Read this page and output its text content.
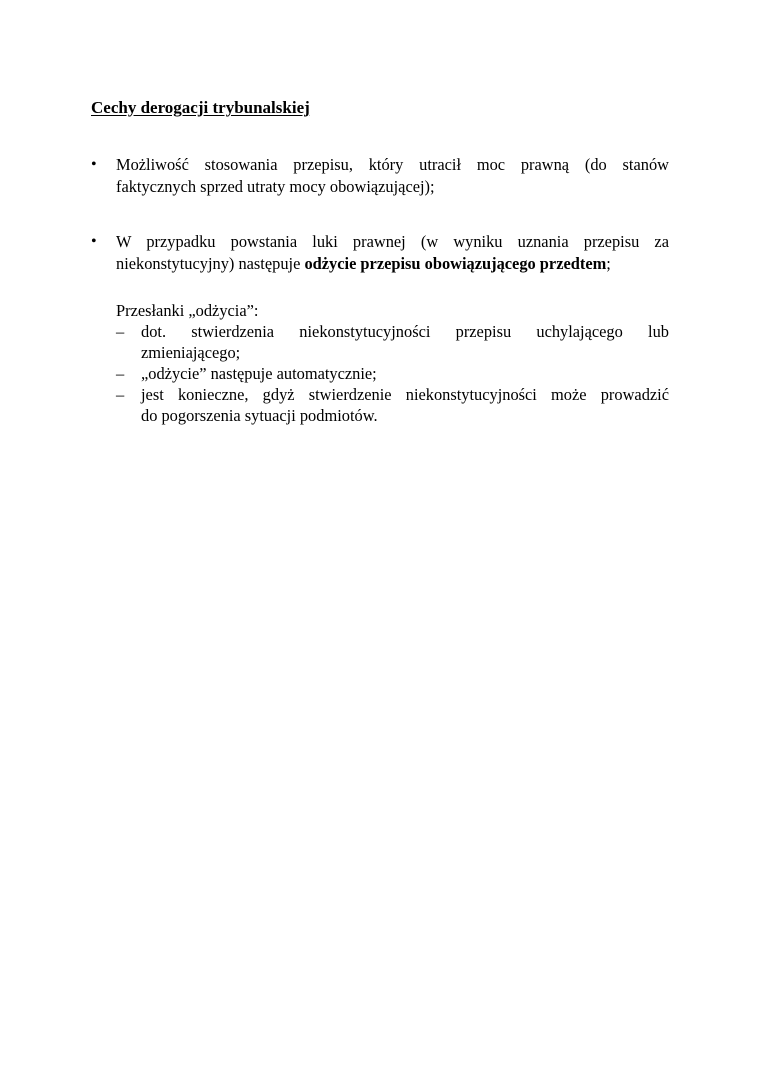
Cechy derogacji trybunalskiej
•	Możliwość stosowania przepisu, który utracił moc prawną (do stanów
faktycznych sprzed utraty mocy obowiązującej);
•	W przypadku powstania luki prawnej (w wyniku uznania przepisu za
niekonstytucyjny) następuje odżycie przepisu obowiązującego przedtem;
Przesłanki „odżycia”:
– dot. stwierdzenia niekonstytucyjności przepisu uchylającego lub
zmieniającego;
– „odżycie” następuje automatycznie;
– jest konieczne, gdyż stwierdzenie niekonstytucyjności może prowadzić
do pogorszenia sytuacji podmiotów.
